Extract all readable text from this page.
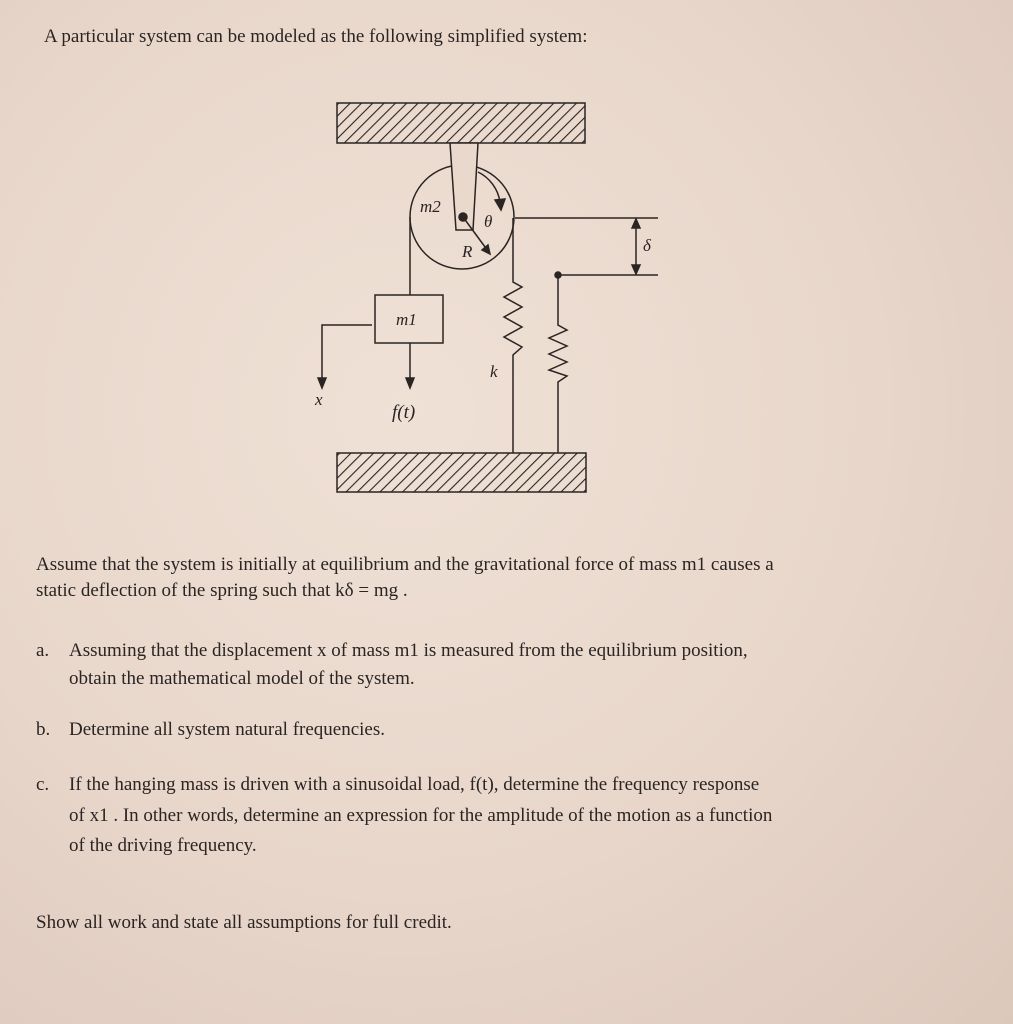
A particular system can be modeled as the following simplified system:
m2
θ
R	δ
m1
k
x
f(t)
Assume that the system is initially at equilibrium and the gravitational force of mass m1 causes a
static deflection of the spring such that kδ = mg .
a. Assuming that the displacement x of mass m1 is measured from the equilibrium position,
obtain the mathematical model of the system.
b. Determine all system natural frequencies.
c. If the hanging mass is driven with a sinusoidal load, f(t), determine the frequency response
of x1 . In other words, determine an expression for the amplitude of the motion as a function
of the driving frequency.
Show all work and state all assumptions for full credit.
